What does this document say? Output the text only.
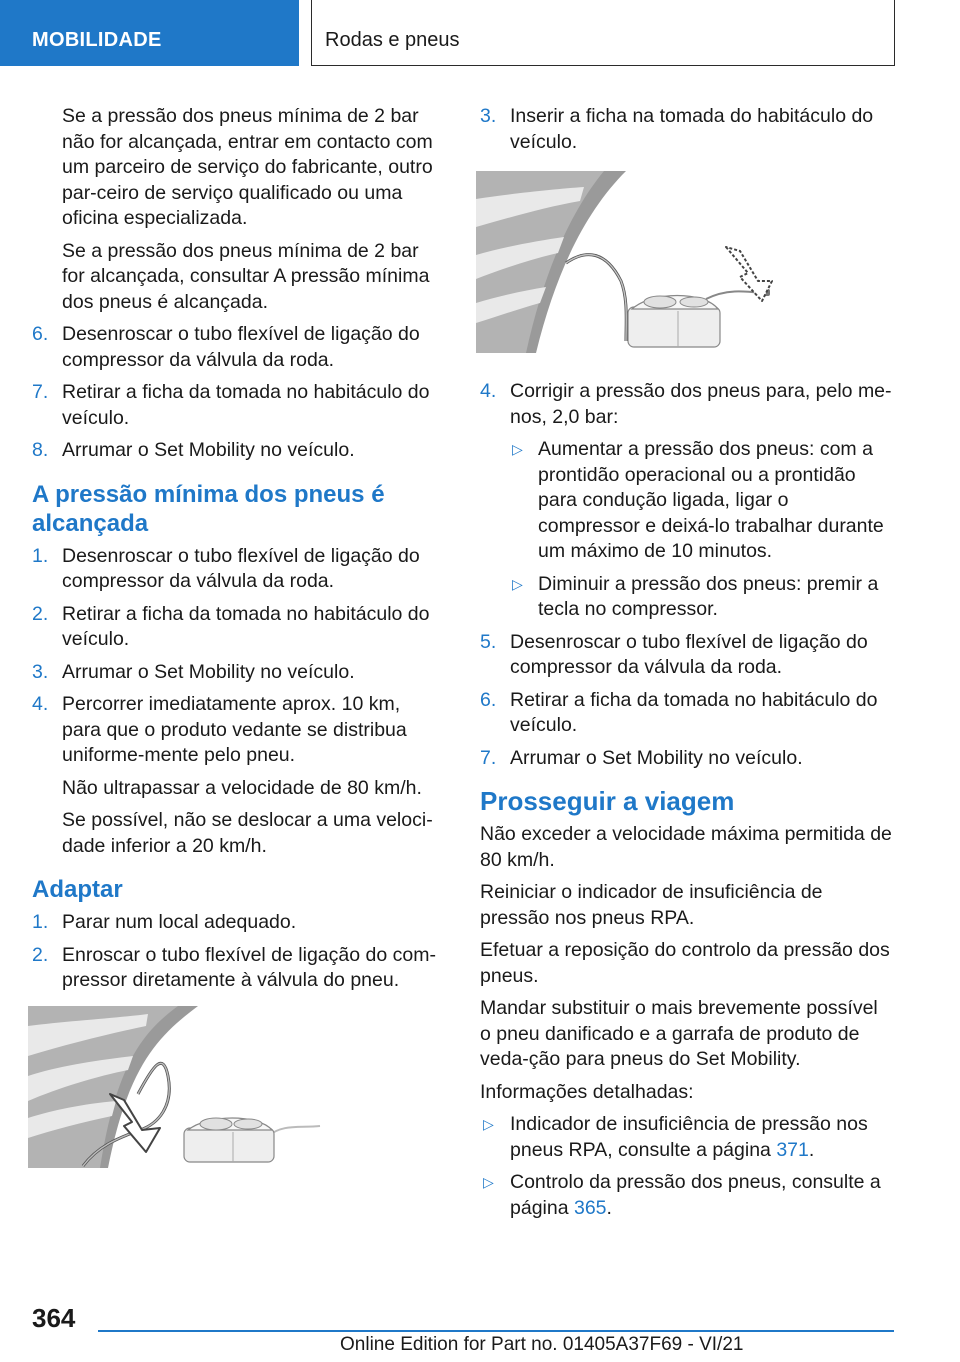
MOBILIDADE	Rodas e pneus

Se a pressão dos pneus mínima de 2 bar não for alcançada, entrar em contacto com um parceiro de serviço do fabricante, outro par‐ceiro de serviço qualificado ou uma oficina especializada.

Se a pressão dos pneus mínima de 2 bar for alcançada, consultar A pressão mínima dos pneus é alcançada.

6. Desenroscar o tubo flexível de ligação do compressor da válvula da roda.
7. Retirar a ficha da tomada no habitáculo do veículo.
8. Arrumar o Set Mobility no veículo.
A pressão mínima dos pneus é alcançada
1. Desenroscar o tubo flexível de ligação do compressor da válvula da roda.
2. Retirar a ficha da tomada no habitáculo do veículo.
3. Arrumar o Set Mobility no veículo.
4. Percorrer imediatamente aprox. 10 km, para que o produto vedante se distribua uniforme‐mente pelo pneu.

Não ultrapassar a velocidade de 80 km/h.

Se possível, não se deslocar a uma veloci‐dade inferior a 20 km/h.

Adaptar
1. Parar num local adequado.
2. Enroscar o tubo flexível de ligação do com‐pressor diretamente à válvula do pneu.
3. Inserir a ficha na tomada do habitáculo do veículo.
4. Corrigir a pressão dos pneus para, pelo me‐nos, 2,0 bar:
▷ Aumentar a pressão dos pneus: com a prontidão operacional ou a prontidão para condução ligada, ligar o compressor e deixá-lo trabalhar durante um máximo de 10 minutos.
▷ Diminuir a pressão dos pneus: premir a tecla no compressor.
5. Desenroscar o tubo flexível de ligação do compressor da válvula da roda.
6. Retirar a ficha da tomada no habitáculo do veículo.
7. Arrumar o Set Mobility no veículo.
Prosseguir a viagem

Não exceder a velocidade máxima permitida de 80 km/h.

Reiniciar o indicador de insuficiência de pressão nos pneus RPA.

Efetuar a reposição do controlo da pressão dos pneus.

Mandar substituir o mais brevemente possível o pneu danificado e a garrafa de produto de veda‐ção para pneus do Set Mobility.

Informações detalhadas:

▷ Indicador de insuficiência de pressão nos pneus RPA, consulte a página 371.
▷ Controlo da pressão dos pneus, consulte a página 365.
364
Online Edition for Part no. 01405A37F69 - VI/21
